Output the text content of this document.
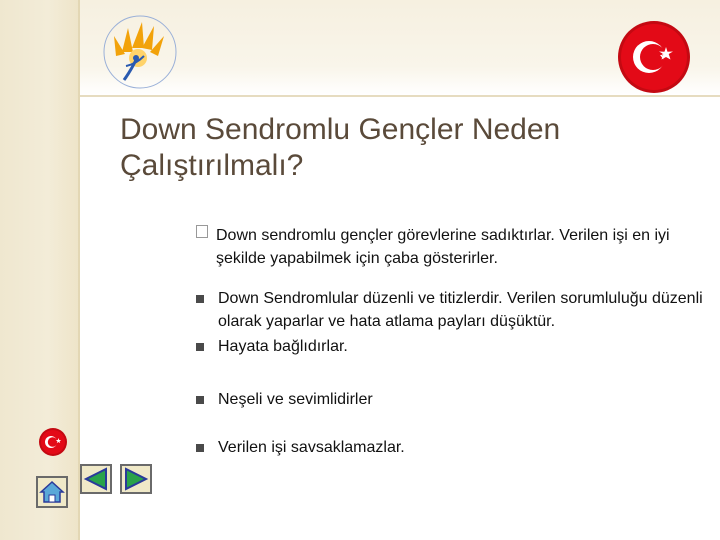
Down Sendromlu Gençler Neden
Çalıştırılmalı?
Down sendromlu gençler görevlerine sadıktırlar. Verilen işi en iyi şekilde yapabilmek için çaba gösterirler.
Down Sendromlular düzenli ve titizlerdir. Verilen sorumluluğu düzenli olarak yaparlar ve hata atlama payları düşüktür.
Hayata bağlıdırlar.
Neşeli ve sevimlidirler
Verilen işi savsaklamazlar.
